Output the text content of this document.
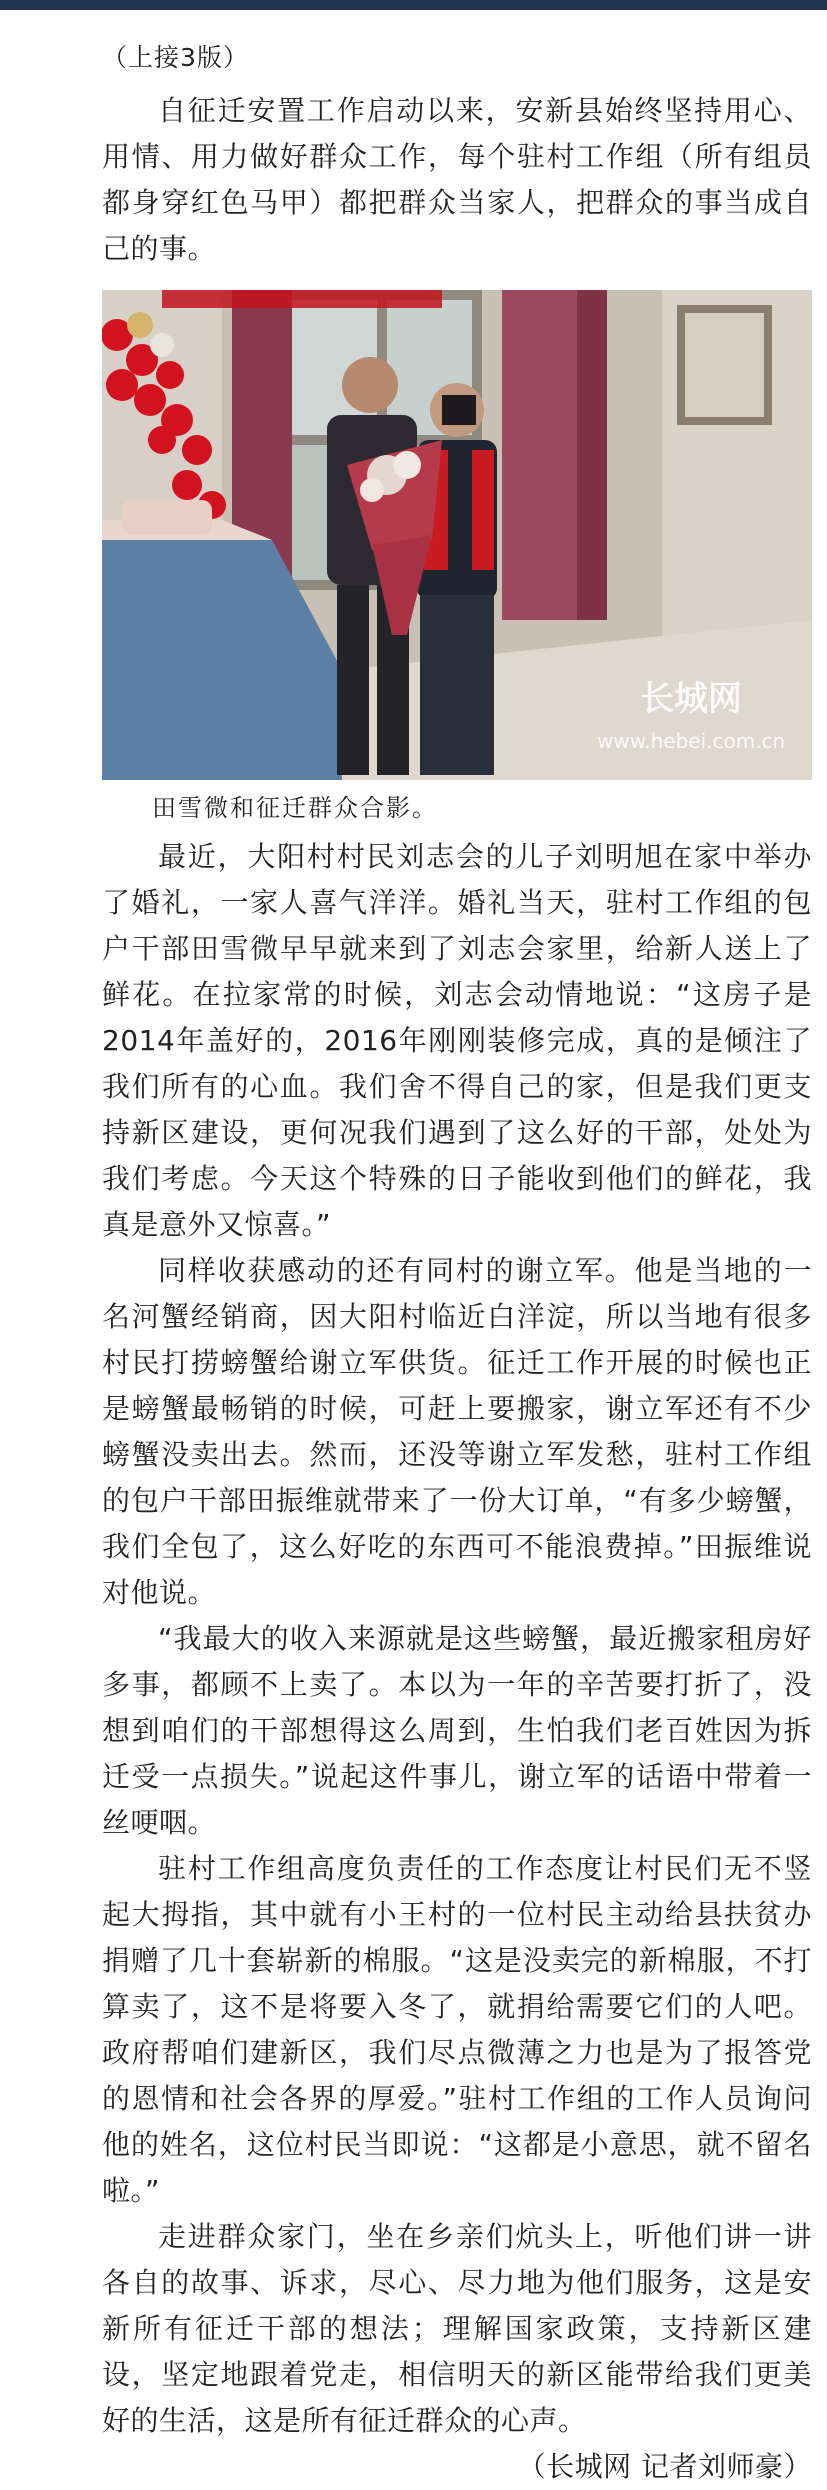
（上接3版）

自征迁安置工作启动以来，安新县始终坚持用心、用情、用力做好群众工作，每个驻村工作组（所有组员都身穿红色马甲）都把群众当家人，把群众的事当成自己的事。

长城网
www.hebei.com.cn

田雪微和征迁群众合影。

最近，大阳村村民刘志会的儿子刘明旭在家中举办了婚礼，一家人喜气洋洋。婚礼当天，驻村工作组的包户干部田雪微早早就来到了刘志会家里，给新人送上了鲜花。在拉家常的时候，刘志会动情地说：“这房子是2014年盖好的，2016年刚刚装修完成，真的是倾注了我们所有的心血。我们舍不得自己的家，但是我们更支持新区建设，更何况我们遇到了这么好的干部，处处为我们考虑。今天这个特殊的日子能收到他们的鲜花，我真是意外又惊喜。”

同样收获感动的还有同村的谢立军。他是当地的一名河蟹经销商，因大阳村临近白洋淀，所以当地有很多村民打捞螃蟹给谢立军供货。征迁工作开展的时候也正是螃蟹最畅销的时候，可赶上要搬家，谢立军还有不少螃蟹没卖出去。然而，还没等谢立军发愁，驻村工作组的包户干部田振维就带来了一份大订单，“有多少螃蟹，我们全包了，这么好吃的东西可不能浪费掉。”田振维说对他说。

“我最大的收入来源就是这些螃蟹，最近搬家租房好多事，都顾不上卖了。本以为一年的辛苦要打折了，没想到咱们的干部想得这么周到，生怕我们老百姓因为拆迁受一点损失。”说起这件事儿，谢立军的话语中带着一丝哽咽。

驻村工作组高度负责任的工作态度让村民们无不竖起大拇指，其中就有小王村的一位村民主动给县扶贫办捐赠了几十套崭新的棉服。“这是没卖完的新棉服，不打算卖了，这不是将要入冬了，就捐给需要它们的人吧。政府帮咱们建新区，我们尽点微薄之力也是为了报答党的恩情和社会各界的厚爱。”驻村工作组的工作人员询问他的姓名，这位村民当即说：“这都是小意思，就不留名啦。”

走进群众家门，坐在乡亲们炕头上，听他们讲一讲各自的故事、诉求，尽心、尽力地为他们服务，这是安新所有征迁干部的想法；理解国家政策，支持新区建设，坚定地跟着党走，相信明天的新区能带给我们更美好的生活，这是所有征迁群众的心声。
（长城网 记者刘师豪）
